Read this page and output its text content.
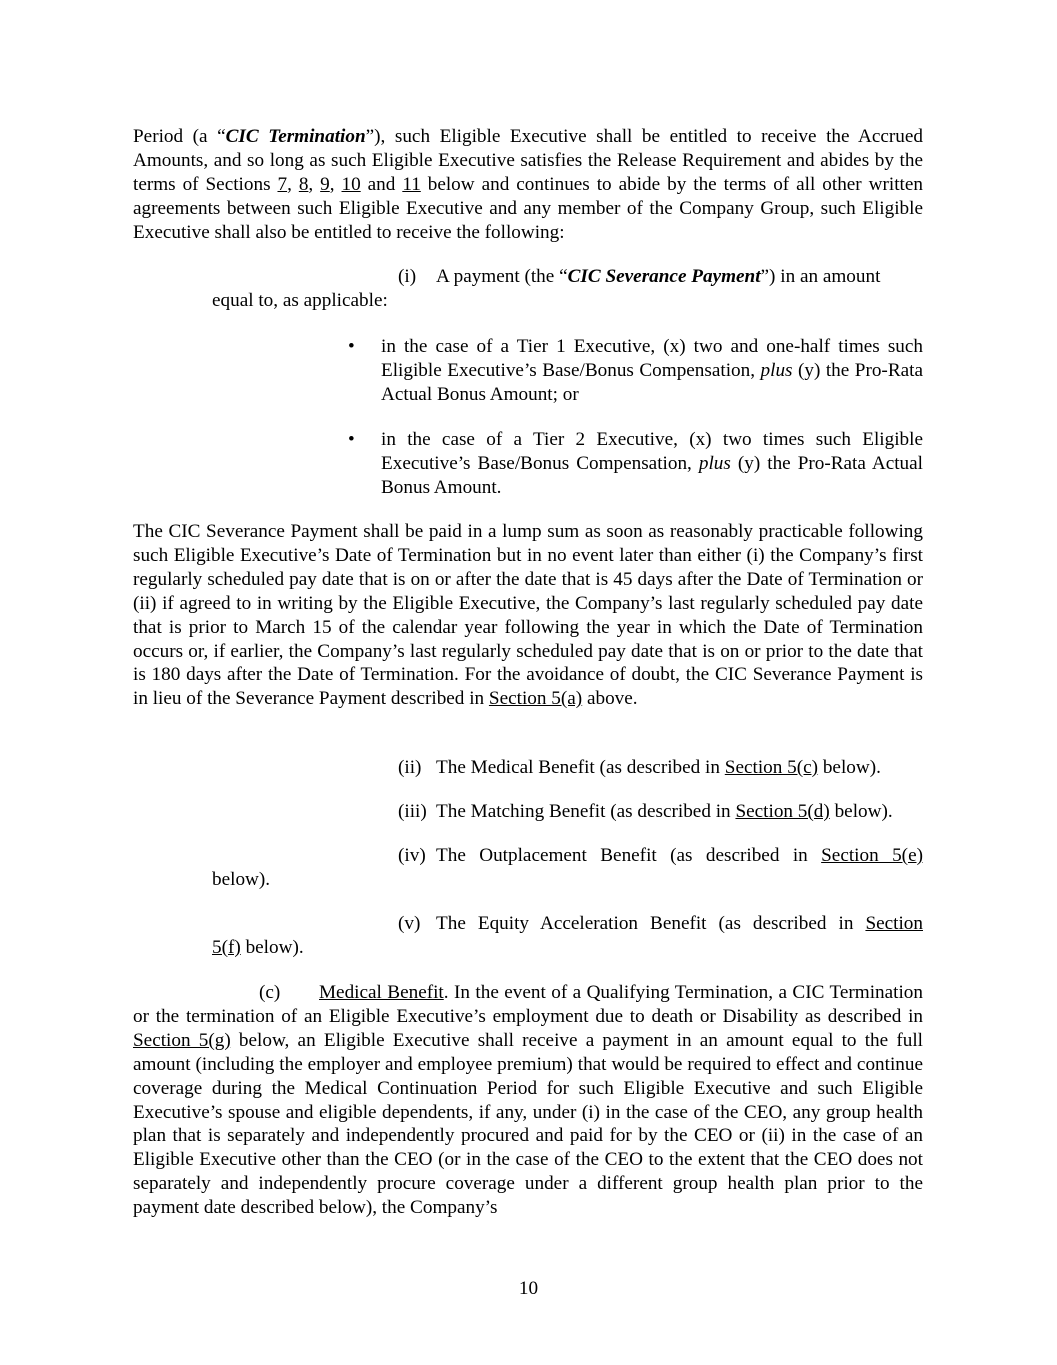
Period (a “CIC Termination”), such Eligible Executive shall be entitled to receive the Accrued Amounts, and so long as such Eligible Executive satisfies the Release Requirement and abides by the terms of Sections 7, 8, 9, 10 and 11 below and continues to abide by the terms of all other written agreements between such Eligible Executive and any member of the Company Group, such Eligible Executive shall also be entitled to receive the following:

(i) A payment (the “CIC Severance Payment”) in an amount

equal to, as applicable:
• in the case of a Tier 1 Executive, (x) two and one-half times such Eligible Executive’s Base/Bonus Compensation, plus (y) the Pro-Rata Actual Bonus Amount; or

• in the case of a Tier 2 Executive, (x) two times such Eligible Executive’s Base/Bonus Compensation, plus (y) the Pro-Rata Actual Bonus Amount.

The CIC Severance Payment shall be paid in a lump sum as soon as reasonably practicable following such Eligible Executive’s Date of Termination but in no event later than either (i) the Company’s first regularly scheduled pay date that is on or after the date that is 45 days after the Date of Termination or (ii) if agreed to in writing by the Eligible Executive, the Company’s last regularly scheduled pay date that is prior to March 15 of the calendar year following the year in which the Date of Termination occurs or, if earlier, the Company’s last regularly scheduled pay date that is on or prior to the date that is 180 days after the Date of Termination. For the avoidance of doubt, the CIC Severance Payment is in lieu of the Severance Payment described in Section 5(a) above.

(ii) The Medical Benefit (as described in Section 5(c) below).

(iii) The Matching Benefit (as described in Section 5(d) below).

(iv) The Outplacement Benefit (as described in Section 5(e)

below).
(v) The Equity Acceleration Benefit (as described in Section

5(f) below).
(c)	Medical Benefit. In the event of a Qualifying Termination, a CIC Termination or the termination of an Eligible Executive’s employment due to death or Disability as described in Section 5(g) below, an Eligible Executive shall receive a payment in an amount equal to the full amount (including the employer and employee premium) that would be required to effect and continue coverage during the Medical Continuation Period for such Eligible Executive and such Eligible Executive’s spouse and eligible dependents, if any, under (i) in the case of the CEO, any group health plan that is separately and independently procured and paid for by the CEO or (ii) in the case of an Eligible Executive other than the CEO (or in the case of the CEO to the extent that the CEO does not separately and independently procure coverage under a different group health plan prior to the payment date described below), the Company’s

10
